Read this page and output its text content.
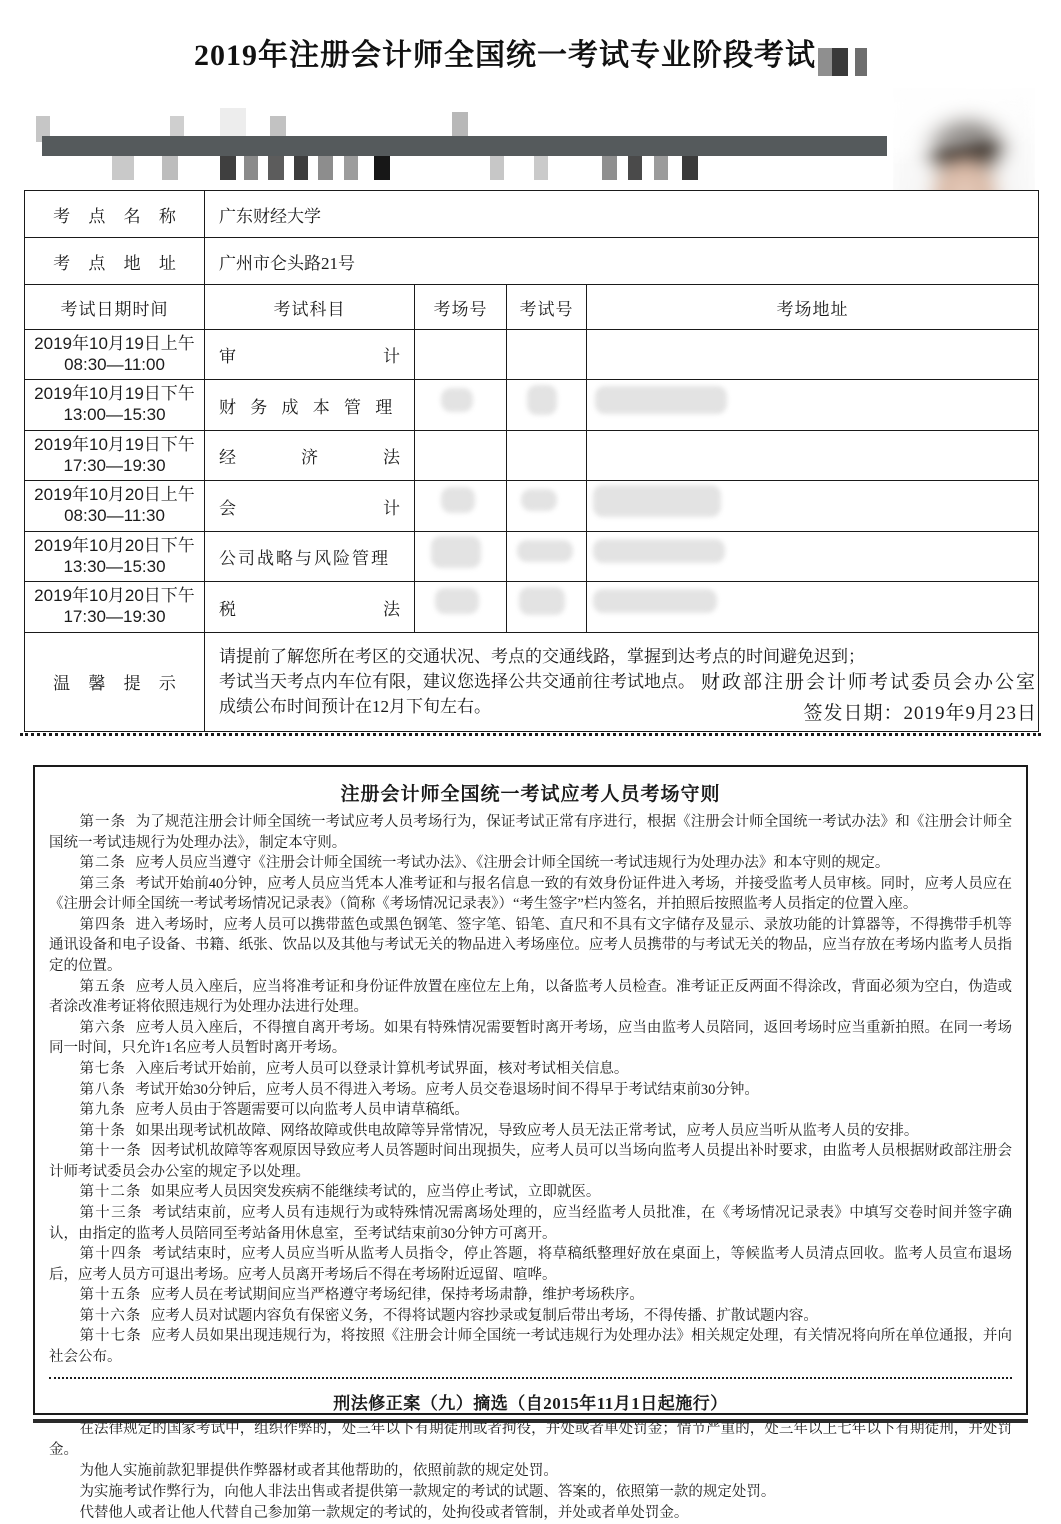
2019年注册会计师全国统一考试专业阶段考试
考 点 名 称	广东财经大学			
考 点 地 址	广州市仑头路21号			
考试日期时间	考试科目	考场号	考试号	考场地址
2019年10月19日上午
08:30—11:00	审 计			

2019年10月19日下午
13:00—15:30	财 务 成 本 管 理			

2019年10月19日下午
17:30—19:30	经 济 法			

2019年10月20日上午
08:30—11:30	会 计			

2019年10月20日下午
13:30—15:30	公司战略与风险管理			

2019年10月20日下午
17:30—19:30	税 法			

温 馨 提 示	请提前了解您所在考区的交通状况、考点的交通线路，掌握到达考点的时间避免迟到；
考试当天考点内车位有限，建议您选择公共交通前往考试地点。
成绩公布时间预计在12月下旬左右。			
财政部注册会计师考试委员会办公室
签发日期：2019年9月23日
注册会计师全国统一考试应考人员考场守则

第一条 为了规范注册会计师全国统一考试应考人员考场行为，保证考试正常有序进行，根据《注册会计师全国统一考试办法》和《注册会计师全国统一考试违规行为处理办法》，制定本守则。

第二条 应考人员应当遵守《注册会计师全国统一考试办法》、《注册会计师全国统一考试违规行为处理办法》和本守则的规定。

第三条 考试开始前40分钟，应考人员应当凭本人准考证和与报名信息一致的有效身份证件进入考场，并接受监考人员审核。同时，应考人员应在《注册会计师全国统一考试考场情况记录表》（简称《考场情况记录表》）“考生签字”栏内签名，并拍照后按照监考人员指定的位置入座。

第四条 进入考场时，应考人员可以携带蓝色或黑色钢笔、签字笔、铅笔、直尺和不具有文字储存及显示、录放功能的计算器等，不得携带手机等通讯设备和电子设备、书籍、纸张、饮品以及其他与考试无关的物品进入考场座位。应考人员携带的与考试无关的物品，应当存放在考场内监考人员指定的位置。

第五条 应考人员入座后，应当将准考证和身份证件放置在座位左上角，以备监考人员检查。准考证正反两面不得涂改，背面必须为空白，伪造或者涂改准考证将依照违规行为处理办法进行处理。

第六条 应考人员入座后，不得擅自离开考场。如果有特殊情况需要暂时离开考场，应当由监考人员陪同，返回考场时应当重新拍照。在同一考场同一时间，只允许1名应考人员暂时离开考场。

第七条 入座后考试开始前，应考人员可以登录计算机考试界面，核对考试相关信息。

第八条 考试开始30分钟后，应考人员不得进入考场。应考人员交卷退场时间不得早于考试结束前30分钟。

第九条 应考人员由于答题需要可以向监考人员申请草稿纸。

第十条 如果出现考试机故障、网络故障或供电故障等异常情况，导致应考人员无法正常考试，应考人员应当听从监考人员的安排。

第十一条 因考试机故障等客观原因导致应考人员答题时间出现损失，应考人员可以当场向监考人员提出补时要求，由监考人员根据财政部注册会计师考试委员会办公室的规定予以处理。

第十二条 如果应考人员因突发疾病不能继续考试的，应当停止考试，立即就医。

第十三条 考试结束前，应考人员有违规行为或特殊情况需离场处理的，应当经监考人员批准，在《考场情况记录表》中填写交卷时间并签字确认，由指定的监考人员陪同至考站备用休息室，至考试结束前30分钟方可离开。

第十四条 考试结束时，应考人员应当听从监考人员指令，停止答题，将草稿纸整理好放在桌面上，等候监考人员清点回收。监考人员宣布退场后，应考人员方可退出考场。应考人员离开考场后不得在考场附近逗留、喧哗。

第十五条 应考人员在考试期间应当严格遵守考场纪律，保持考场肃静，维护考场秩序。

第十六条 应考人员对试题内容负有保密义务，不得将试题内容抄录或复制后带出考场，不得传播、扩散试题内容。

第十七条 应考人员如果出现违规行为，将按照《注册会计师全国统一考试违规行为处理办法》相关规定处理，有关情况将向所在单位通报，并向社会公布。

刑法修正案（九）摘选（自2015年11月1日起施行）

在法律规定的国家考试中，组织作弊的，处三年以下有期徒刑或者拘役，并处或者单处罚金；情节严重的，处三年以上七年以下有期徒刑，并处罚金。

为他人实施前款犯罪提供作弊器材或者其他帮助的，依照前款的规定处罚。

为实施考试作弊行为，向他人非法出售或者提供第一款规定的考试的试题、答案的，依照第一款的规定处罚。

代替他人或者让他人代替自己参加第一款规定的考试的，处拘役或者管制，并处或者单处罚金。
